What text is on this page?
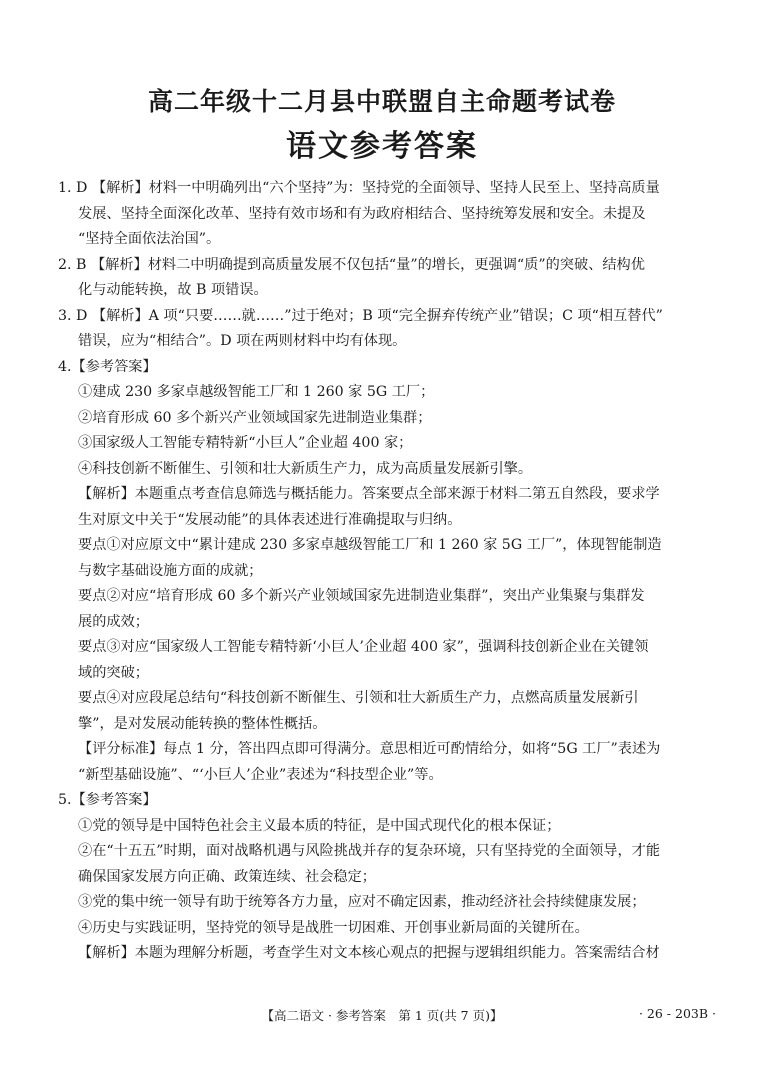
高二年级十二月县中联盟自主命题考试卷
语文参考答案

1. D 【解析】材料一中明确列出“六个坚持”为：坚持党的全面领导、坚持人民至上、坚持高质量

发展、坚持全面深化改革、坚持有效市场和有为政府相结合、坚持统筹发展和安全。未提及

“坚持全面依法治国”。

2. B 【解析】材料二中明确提到高质量发展不仅包括“量”的增长，更强调“质”的突破、结构优

化与动能转换，故 B 项错误。

3. D 【解析】A 项“只要……就……”过于绝对；B 项“完全摒弃传统产业”错误；C 项“相互替代”

错误，应为“相结合”。D 项在两则材料中均有体现。

4.【参考答案】

①建成 230 多家卓越级智能工厂和 1 260 家 5G 工厂；

②培育形成 60 多个新兴产业领域国家先进制造业集群；

③国家级人工智能专精特新“小巨人”企业超 400 家；

④科技创新不断催生、引领和壮大新质生产力，成为高质量发展新引擎。

【解析】本题重点考查信息筛选与概括能力。答案要点全部来源于材料二第五自然段，要求学

生对原文中关于“发展动能”的具体表述进行准确提取与归纳。

要点①对应原文中“累计建成 230 多家卓越级智能工厂和 1 260 家 5G 工厂”，体现智能制造

与数字基础设施方面的成就；

要点②对应“培育形成 60 多个新兴产业领域国家先进制造业集群”，突出产业集聚与集群发

展的成效；

要点③对应“国家级人工智能专精特新‘小巨人’企业超 400 家”，强调科技创新企业在关键领

域的突破；

要点④对应段尾总结句“科技创新不断催生、引领和壮大新质生产力，点燃高质量发展新引

擎”，是对发展动能转换的整体性概括。

【评分标准】每点 1 分，答出四点即可得满分。意思相近可酌情给分，如将“5G 工厂”表述为

“新型基础设施”、“‘小巨人’企业”表述为“科技型企业”等。

5.【参考答案】

①党的领导是中国特色社会主义最本质的特征，是中国式现代化的根本保证；

②在“十五五”时期，面对战略机遇与风险挑战并存的复杂环境，只有坚持党的全面领导，才能

确保国家发展方向正确、政策连续、社会稳定；

③党的集中统一领导有助于统筹各方力量，应对不确定因素，推动经济社会持续健康发展；

④历史与实践证明，坚持党的领导是战胜一切困难、开创事业新局面的关键所在。

【解析】本题为理解分析题，考查学生对文本核心观点的把握与逻辑组织能力。答案需结合材

【高二语文 · 参考答案　第 1 页(共 7 页)】	· 26 - 203B ·
